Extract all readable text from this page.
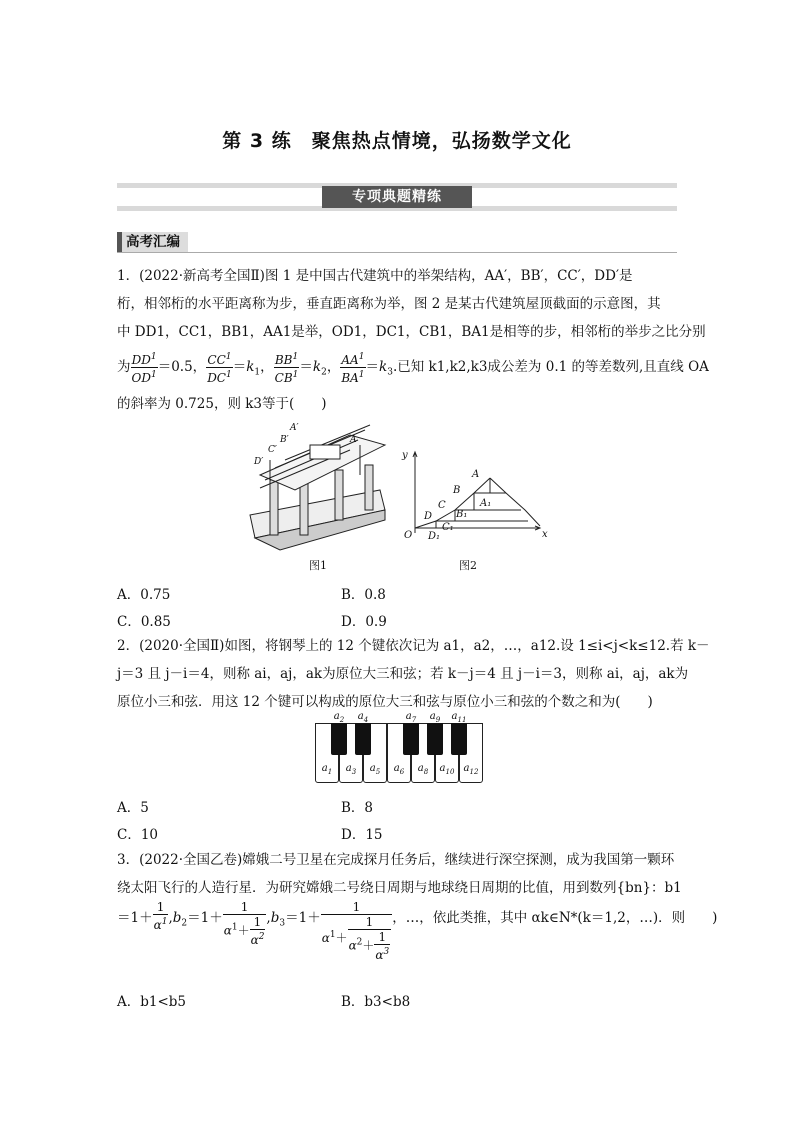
第 3 练　聚焦热点情境，弘扬数学文化
专项典题精练
高考汇编
1．(2022·新高考全国Ⅱ)图 1 是中国古代建筑中的举架结构，AA′，BB′，CC′，DD′是
桁，相邻桁的水平距离称为步，垂直距离称为举，图 2 是某古代建筑屋顶截面的示意图，其
中 DD1，CC1，BB1，AA1是举，OD1，DC1，CB1，BA1是相等的步，相邻桁的举步之比分别
为 $\frac{DD^1}{OD^1} =0.5$， $\frac{CC^1}{DC^1} =k_1$， $\frac{BB^1}{CB^1} =k_2$， $\frac{AA^1}{BA^1} =k_3$.已知 k1,k2,k3成公差为 0.1 的等差数列,且直线 OA
的斜率为 0.725，则 k3等于(　　)
A′
B′
C′
D′
A
图1
y
x
O D₁
D
C₁
C
B₁
B
A₁
A
图2
A．0.75	B．0.8
C．0.85	D．0.9
2．(2020·全国Ⅱ)如图，将钢琴上的 12 个键依次记为 a1，a2，…，a12.设 1≤i<j<k≤12.若 k－
j＝3 且 j－i＝4，则称 ai，aj，ak为原位大三和弦；若 k－j＝4 且 j－i＝3，则称 ai，aj，ak为
原位小三和弦．用这 12 个键可以构成的原位大三和弦与原位小三和弦的个数之和为(　　)
$a_1$	$a_3$	$a_5$	$a_6$	$a_8$	$a_{10}$ $a_{12}$
$a_2$ $a_4$	$a_7$ $a_9$ $a_{11}$
A．5	B．8
C．10	D．15
3．(2022·全国乙卷)嫦娥二号卫星在完成探月任务后，继续进行深空探测，成为我国第一颗环
绕太阳飞行的人造行星．为研究嫦娥二号绕日周期与地球绕日周期的比值，用到数列{bn}：b1
$=1+ \frac{1}{\alpha^1} ,b_2=1+ \frac{1}{\alpha^1+ \frac{1}{\alpha^2}} ,b_3=1+ \frac{1}{\alpha^1+ \frac{1}{\alpha^2+ \frac{1}{\alpha^3}}}$ ，…，依此类推，其中 αk∈N*(k＝1,2，…)．则　　)
A．b1<b5	B．b3<b8
